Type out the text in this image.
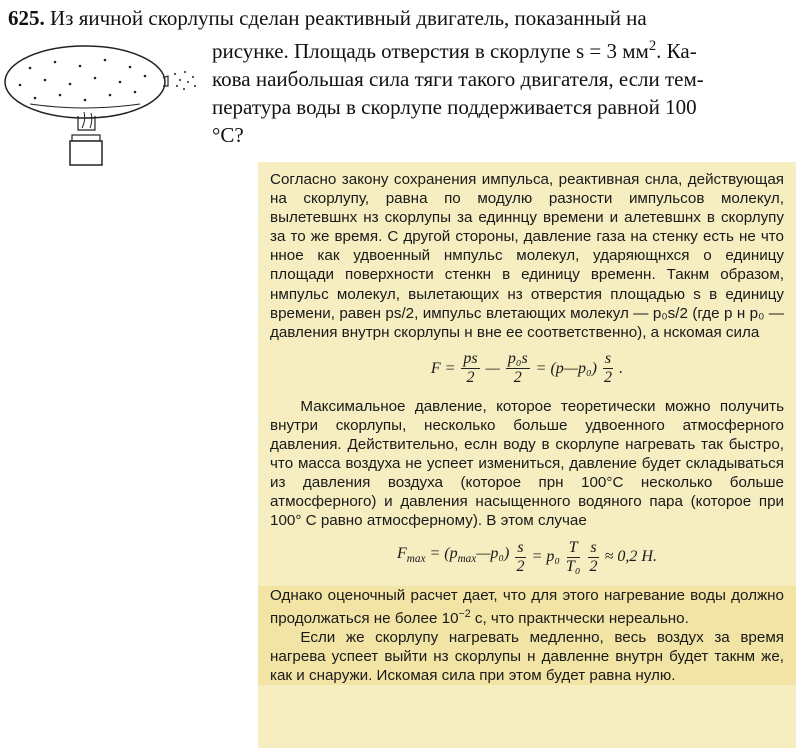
625. Из яичной скорлупы сделан реактивный двигатель, показанный на

рисунке. Площадь отверстия в скорлупе s = 3 $мм^2$. Ка-

кова наибольшая сила тяги такого двигателя, если тем-

пература воды в скорлупе поддерживается равной 100

°С?

Согласно закону сохранения импульса, реактивная снла, действующая на скорлупу, равна по модулю разности импульсов молекул, вылетевшнх нз скорлупы за единнцу времени и алетевшнх в скорлупу за то же время. С другой стороны, давление газа на стенку есть не что нное как удвоенный нмпульс молекул, ударяющнхся о единицу площади поверхности стенкн в единицу временн. Такнм образом, нмпульс молекул, вылетающих нз отверстия площадью s в единицу времени, равен ps/2, импульс влетающих молекул — p₀s/2 (где p н p₀ — давления внутрн скорлупы н вне ее соответственно), а нскомая сила

$F = \frac{ps}{2}$ — $\frac{\text{p₀s}}{2}$ = (p—p₀) $\frac{s}{2}$ .

Максимальное давление, которое теоретически можно получить внутри скорлупы, несколько больше удвоенного атмосферного давления. Действительно, еслн воду в скорлупе нагревать так быстро, что масса воздуха не успеет измениться, давление будет складываться из давления воздуха (которое прн 100°С несколько больше атмосферного) и давления насыщенного водяного пара (которое при 100° С равно атмосферному). В этом случае

$F_{max}$ = $(p_{max}—p_0) \frac{s}{2} = p_0 \frac{T}{\text{T₀}} \frac{s}{2} \approx 0,2$ Н.

Однако оценочный расчет дает, что для этого нагревание воды должно продолжаться не более $10^{-2}$ с, что практнчески нереально.

Если же скорлупу нагревать медленно, весь воздух за время нагрева успеет выйти нз скорлупы н давленне внутрн будет такнм же, как и снаружи. Искомая сила при этом будет равна нулю.
